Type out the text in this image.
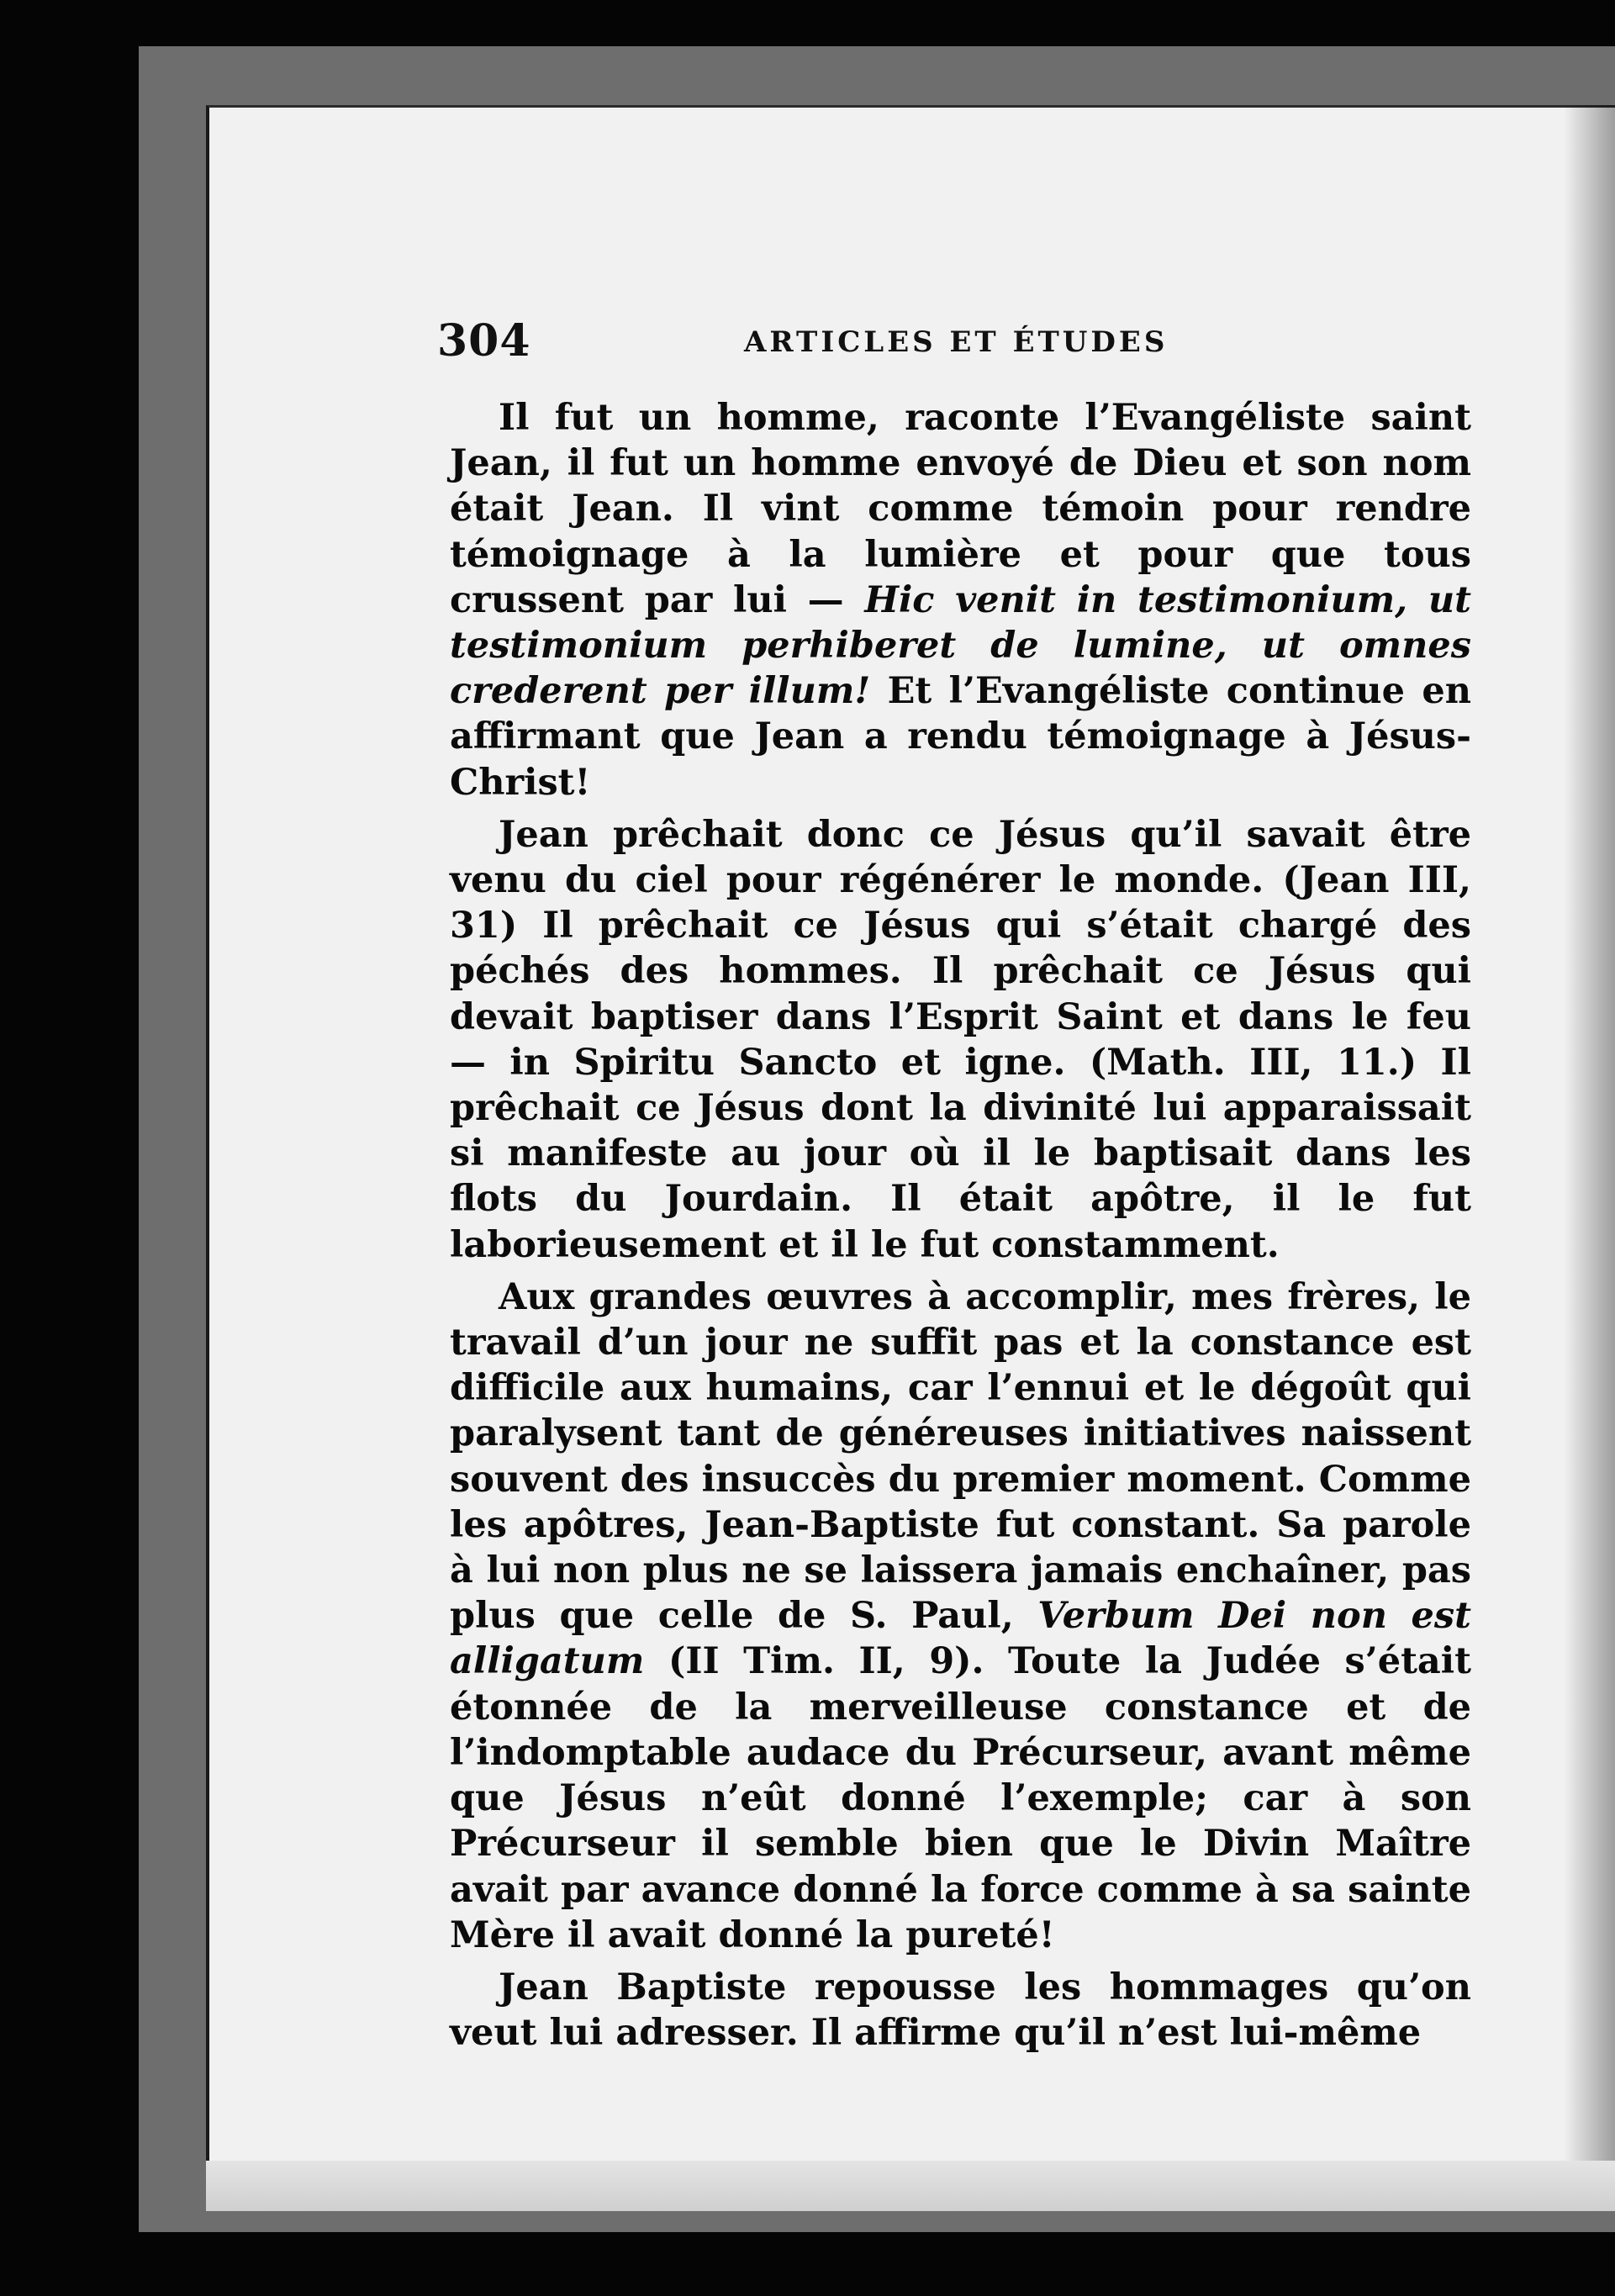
304	ARTICLES ET ÉTUDES

Il fut un homme, raconte l’Evangéliste saint Jean, il fut un homme envoyé de Dieu et son nom était Jean. Il vint comme témoin pour rendre témoignage à la lumière et pour que tous crussent par lui — Hic venit in testimonium, ut testimonium perhiberet de lumine, ut omnes crederent per illum! Et l’Evangéliste continue en affirmant que Jean a rendu témoignage à Jésus-Christ!

Jean prêchait donc ce Jésus qu’il savait être venu du ciel pour régénérer le monde. (Jean III, 31) Il prêchait ce Jésus qui s’était chargé des péchés des hommes. Il prêchait ce Jésus qui devait baptiser dans l’Esprit Saint et dans le feu — in Spiritu Sancto et igne. (Math. III, 11.) Il prêchait ce Jésus dont la divinité lui apparaissait si manifeste au jour où il le baptisait dans les flots du Jourdain. Il était apôtre, il le fut laborieusement et il le fut constamment.

Aux grandes œuvres à accomplir, mes frères, le travail d’un jour ne suffit pas et la constance est difficile aux humains, car l’ennui et le dégoût qui paralysent tant de généreuses initiatives naissent souvent des insuccès du premier moment. Comme les apôtres, Jean-Baptiste fut constant. Sa parole à lui non plus ne se laissera jamais enchaîner, pas plus que celle de S. Paul, Verbum Dei non est alligatum (II Tim. II, 9). Toute la Judée s’était étonnée de la merveilleuse constance et de l’indomptable audace du Précurseur, avant même que Jésus n’eût donné l’exemple; car à son Précurseur il semble bien que le Divin Maître avait par avance donné la force comme à sa sainte Mère il avait donné la pureté!

Jean Baptiste repousse les hommages qu’on veut lui adresser. Il affirme qu’il n’est lui-même
